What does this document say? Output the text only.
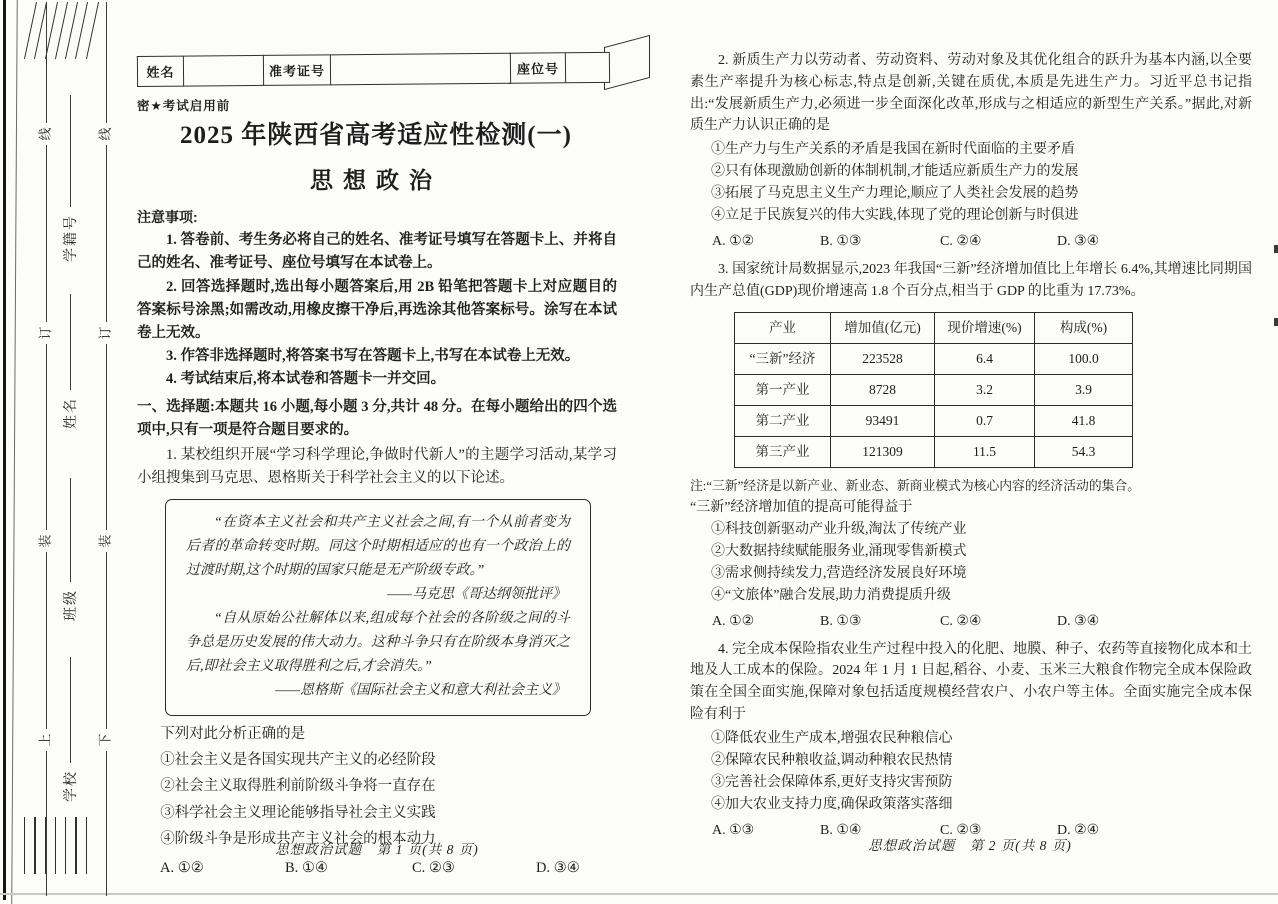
线
订
装
上
线
订
装
下
学籍号
姓名
班级
学校
姓名	准考证号	座位号
密★考试启用前
2025 年陕西省高考适应性检测(一)
思想政治

注意事项:

1. 答卷前、考生务必将自己的姓名、准考证号填写在答题卡上、并将自己的姓名、准考证号、座位号填写在本试卷上。

2. 回答选择题时,选出每小题答案后,用 2B 铅笔把答题卡上对应题目的答案标号涂黑;如需改动,用橡皮擦干净后,再选涂其他答案标号。涂写在本试卷上无效。

3. 作答非选择题时,将答案书写在答题卡上,书写在本试卷上无效。

4. 考试结束后,将本试卷和答题卡一并交回。

一、选择题:本题共 16 小题,每小题 3 分,共计 48 分。在每小题给出的四个选项中,只有一项是符合题目要求的。

1. 某校组织开展“学习科学理论,争做时代新人”的主题学习活动,某学习小组搜集到马克思、恩格斯关于科学社会主义的以下论述。

“在资本主义社会和共产主义社会之间,有一个从前者变为后者的革命转变时期。同这个时期相适应的也有一个政治上的过渡时期,这个时期的国家只能是无产阶级专政。”

——马克思《哥达纲领批评》

“自从原始公社解体以来,组成每个社会的各阶级之间的斗争总是历史发展的伟大动力。这种斗争只有在阶级本身消灭之后,即社会主义取得胜利之后,才会消失。”

——恩格斯《国际社会主义和意大利社会主义》

下列对此分析正确的是

①社会主义是各国实现共产主义的必经阶段

②社会主义取得胜利前阶级斗争将一直存在

③科学社会主义理论能够指导社会主义实践

④阶级斗争是形成共产主义社会的根本动力

A. ①②	B. ①④	C. ②③	D. ③④
思想政治试题　第 1 页(共 8 页)

2. 新质生产力以劳动者、劳动资料、劳动对象及其优化组合的跃升为基本内涵,以全要素生产率提升为核心标志,特点是创新,关键在质优,本质是先进生产力。习近平总书记指出:“发展新质生产力,必须进一步全面深化改革,形成与之相适应的新型生产关系。”据此,对新质生产力认识正确的是

①生产力与生产关系的矛盾是我国在新时代面临的主要矛盾

②只有体现激励创新的体制机制,才能适应新质生产力的发展

③拓展了马克思主义生产力理论,顺应了人类社会发展的趋势

④立足于民族复兴的伟大实践,体现了党的理论创新与时俱进

A. ①②	B. ①③	C. ②④	D. ③④

3. 国家统计局数据显示,2023 年我国“三新”经济增加值比上年增长 6.4%,其增速比同期国内生产总值(GDP)现价增速高 1.8 个百分点,相当于 GDP 的比重为 17.73%。

产业	增加值(亿元)	现价增速(%)	构成(%)
“三新”经济	223528	6.4	100.0
第一产业	8728	3.2	3.9
第二产业	93491	0.7	41.8
第三产业	121309	11.5	54.3

注:“三新”经济是以新产业、新业态、新商业模式为核心内容的经济活动的集合。

“三新”经济增加值的提高可能得益于

①科技创新驱动产业升级,淘汰了传统产业

②大数据持续赋能服务业,涌现零售新模式

③需求侧持续发力,营造经济发展良好环境

④“文旅体”融合发展,助力消费提质升级

A. ①②	B. ①③	C. ②④	D. ③④

4. 完全成本保险指农业生产过程中投入的化肥、地膜、种子、农药等直接物化成本和土地及人工成本的保险。2024 年 1 月 1 日起,稻谷、小麦、玉米三大粮食作物完全成本保险政策在全国全面实施,保障对象包括适度规模经营农户、小农户等主体。全面实施完全成本保险有利于

①降低农业生产成本,增强农民种粮信心

②保障农民种粮收益,调动种粮农民热情

③完善社会保障体系,更好支持灾害预防

④加大农业支持力度,确保政策落实落细

A. ①③	B. ①④	C. ②③	D. ②④
思想政治试题　第 2 页(共 8 页)
